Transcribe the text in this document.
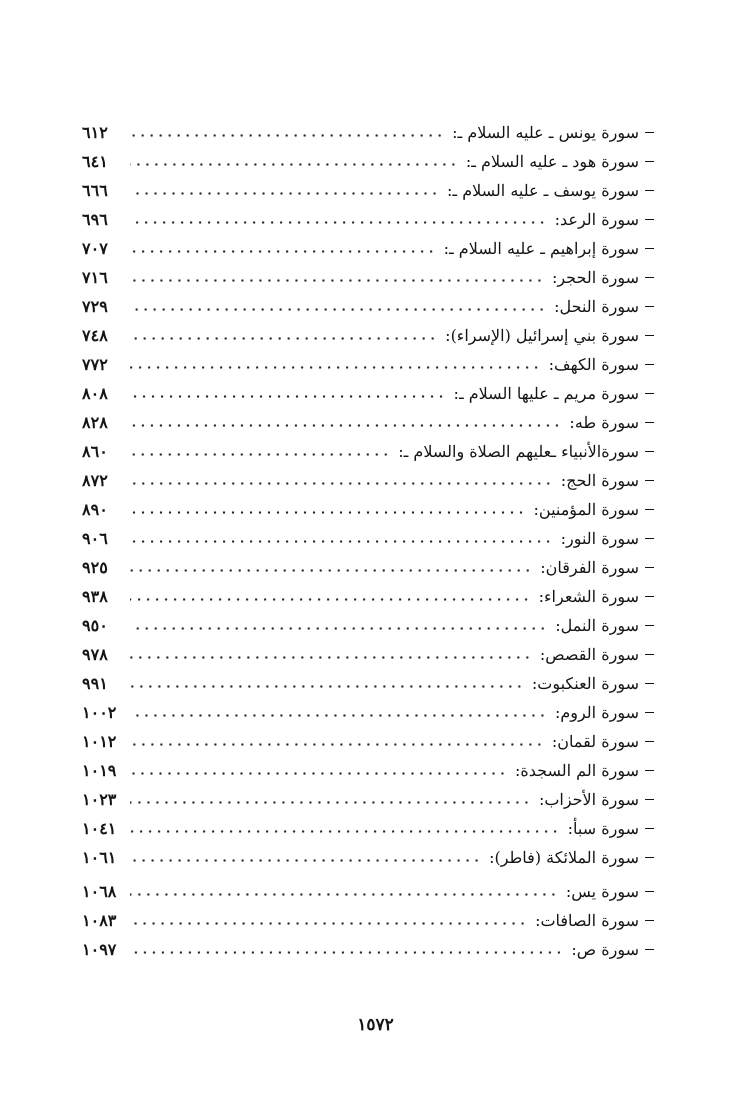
سورة يونس ـ عليه السلام ـ:
٦١٢
سورة هود ـ عليه السلام ـ:
٦٤١
سورة يوسف ـ عليه السلام ـ:
٦٦٦
سورة الرعد:
٦٩٦
سورة إبراهيم ـ عليه السلام ـ:
٧٠٧
سورة الحجر:
٧١٦
سورة النحل:
٧٢٩
سورة بني إسرائيل (الإسراء):
٧٤٨
سورة الكهف:
٧٧٢
سورة مريم ـ عليها السلام ـ:
٨٠٨
سورة طه:
٨٢٨
سورةالأنبياء ـعليهم الصلاة والسلام ـ:
٨٦٠
سورة الحج:
٨٧٢
سورة المؤمنين:
٨٩٠
سورة النور:
٩٠٦
سورة الفرقان:
٩٢٥
سورة الشعراء:
٩٣٨
سورة النمل:
٩٥٠
سورة القصص:
٩٧٨
سورة العنكبوت:
٩٩١
سورة الروم:
١٠٠٢
سورة لقمان:
١٠١٢
سورة الم السجدة:
١٠١٩
سورة الأحزاب:
١٠٢٣
سورة سبأ:
١٠٤١
سورة الملائكة (فاطر):
١٠٦١
سورة يس:
١٠٦٨
سورة الصافات:
١٠٨٣
سورة ص:
١٠٩٧
١٥٧٢
